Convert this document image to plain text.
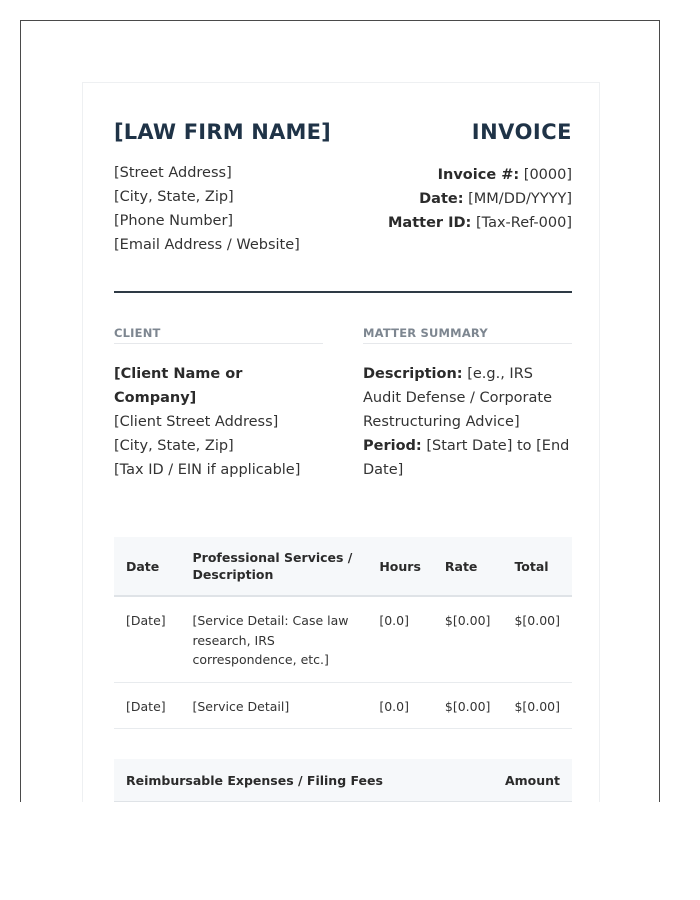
[LAW FIRM NAME]
[Street Address]
[City, State, Zip]
[Phone Number]
[Email Address / Website]
INVOICE
Invoice #: [0000]
Date: [MM/DD/YYYY]
Matter ID: [Tax-Ref-000]
CLIENT
[Client Name or Company]
[Client Street Address]
[City, State, Zip]
[Tax ID / EIN if applicable]
MATTER SUMMARY
Description: [e.g., IRS Audit Defense / Corporate Restructuring Advice]
Period: [Start Date] to [End Date]
Date	Professional Services / Description	Hours	Rate	Total
[Date]	[Service Detail: Case law research, IRS correspondence, etc.]	[0.0]	$[0.00]	$[0.00]
[Date]	[Service Detail]	[0.0]	$[0.00]	$[0.00]
Reimbursable Expenses / Filing Fees	Amount
